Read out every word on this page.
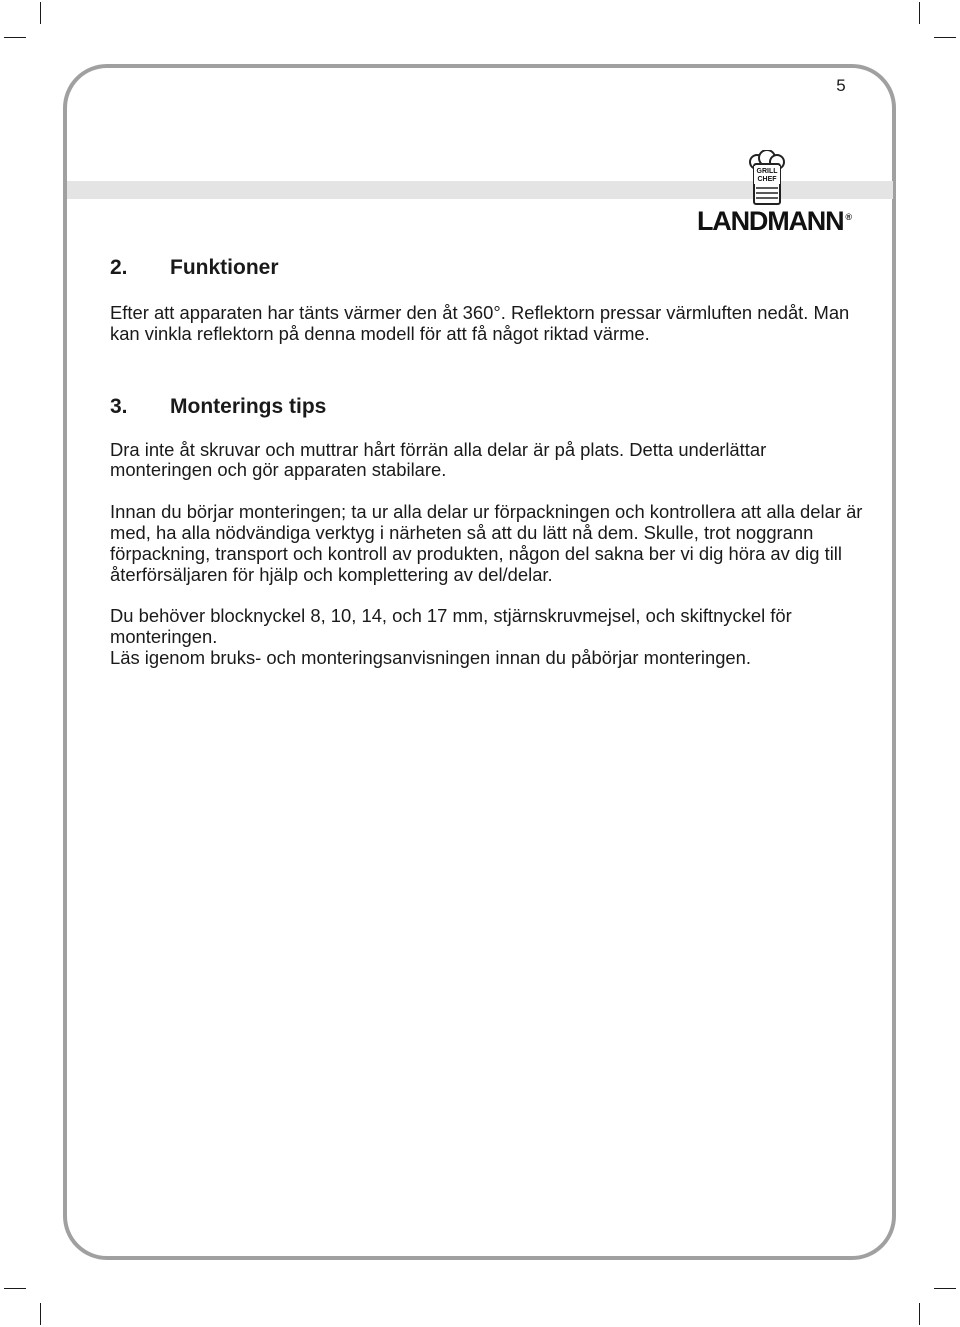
5
GRILL
CHEF
LANDMANN ®
2.	Funktioner

Efter att apparaten har tänts värmer den åt 360°. Reflektorn pressar värmluften nedåt. Man kan vinkla reflektorn på denna modell för att få något riktad värme.

3.	Monterings tips

Dra inte åt skruvar och muttrar hårt förrän alla delar är på plats. Detta underlättar monteringen och gör apparaten stabilare.

Innan du börjar monteringen; ta ur alla delar ur förpackningen och kontrollera att alla delar är med, ha alla nödvändiga verktyg i närheten så att du lätt nå dem. Skulle, trot noggrann förpackning, transport och kontroll av produkten, någon del sakna ber vi dig höra av dig till återförsäljaren för hjälp och komplettering av del/delar.

Du behöver blocknyckel 8, 10, 14, och 17 mm, stjärnskruvmejsel, och skiftnyckel för monteringen.

Läs igenom bruks- och monteringsanvisningen innan du påbörjar monteringen.
